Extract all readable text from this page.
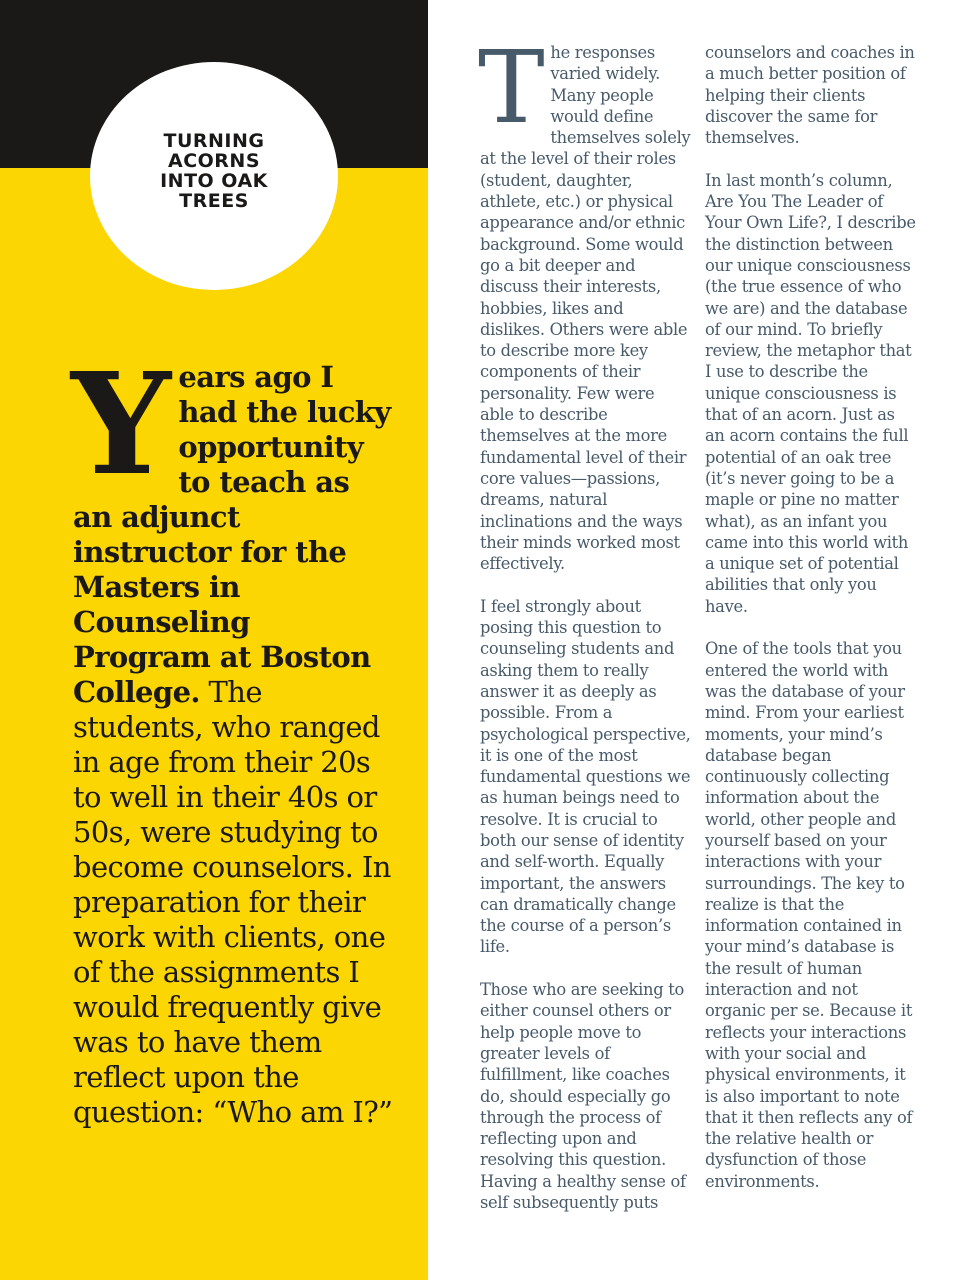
TURNING
ACORNS
INTO OAK
TREES
Years ago I had the lucky opportunity to teach as an adjunct instructor for the Masters in Counseling Program at Boston College. The students, who ranged in age from their 20s to well in their 40s or 50s, were studying to become counselors. In preparation for their work with clients, one of the assignments I would frequently give was to have them reflect upon the question: “Who am I?”

The responses varied widely. Many people would define themselves solely at the level of their roles (student, daughter, athlete, etc.) or physical appearance and/or ethnic background. Some would go a bit deeper and discuss their interests, hobbies, likes and dislikes. Others were able to describe more key components of their personality. Few were able to describe themselves at the more fundamental level of their core values—passions, dreams, natural inclinations and the ways their minds worked most effectively.

I feel strongly about posing this question to counseling students and asking them to really answer it as deeply as possible. From a psychological perspective, it is one of the most fundamental questions we as human beings need to resolve. It is crucial to both our sense of identity and self-worth. Equally important, the answers can dramatically change the course of a person’s life.

Those who are seeking to either counsel others or help people move to greater levels of fulfillment, like coaches do, should especially go through the process of reflecting upon and resolving this question. Having a healthy sense of self subsequently puts

counselors and coaches in a much better position of helping their clients discover the same for themselves.

In last month’s column, Are You The Leader of Your Own Life?, I describe the distinction between our unique consciousness (the true essence of who we are) and the database of our mind. To briefly review, the metaphor that I use to describe the unique consciousness is that of an acorn. Just as an acorn contains the full potential of an oak tree (it’s never going to be a maple or pine no matter what), as an infant you came into this world with a unique set of potential abilities that only you have.

One of the tools that you entered the world with was the database of your mind. From your earliest moments, your mind’s database began continuously collecting information about the world, other people and yourself based on your interactions with your surroundings. The key to realize is that the information contained in your mind’s database is the result of human interaction and not organic per se. Because it reflects your interactions with your social and physical environments, it is also important to note that it then reflects any of the relative health or dysfunction of those environments.
